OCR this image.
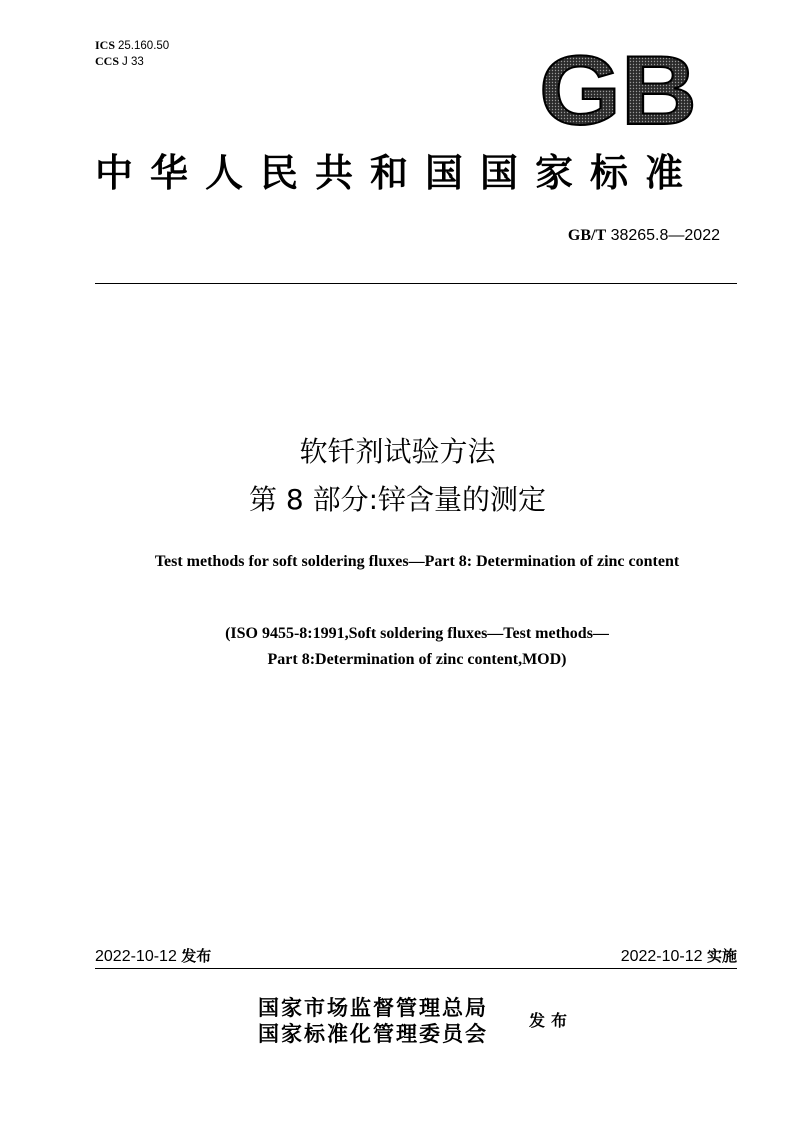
ICS 25.160.50
CCS J 33	GB
中华人民共和国国家标准
GB/T 38265.8—2022
软钎剂试验方法
第 8 部分:锌含量的测定
Test methods for soft soldering fluxes—Part 8: Determination of zinc content
(ISO 9455-8:1991,Soft soldering fluxes—Test methods—
Part 8:Determination of zinc content,MOD)
2022-10-12 发布	2022-10-12 实施
国家市场监督管理总局
国家标准化管理委员会
发布
